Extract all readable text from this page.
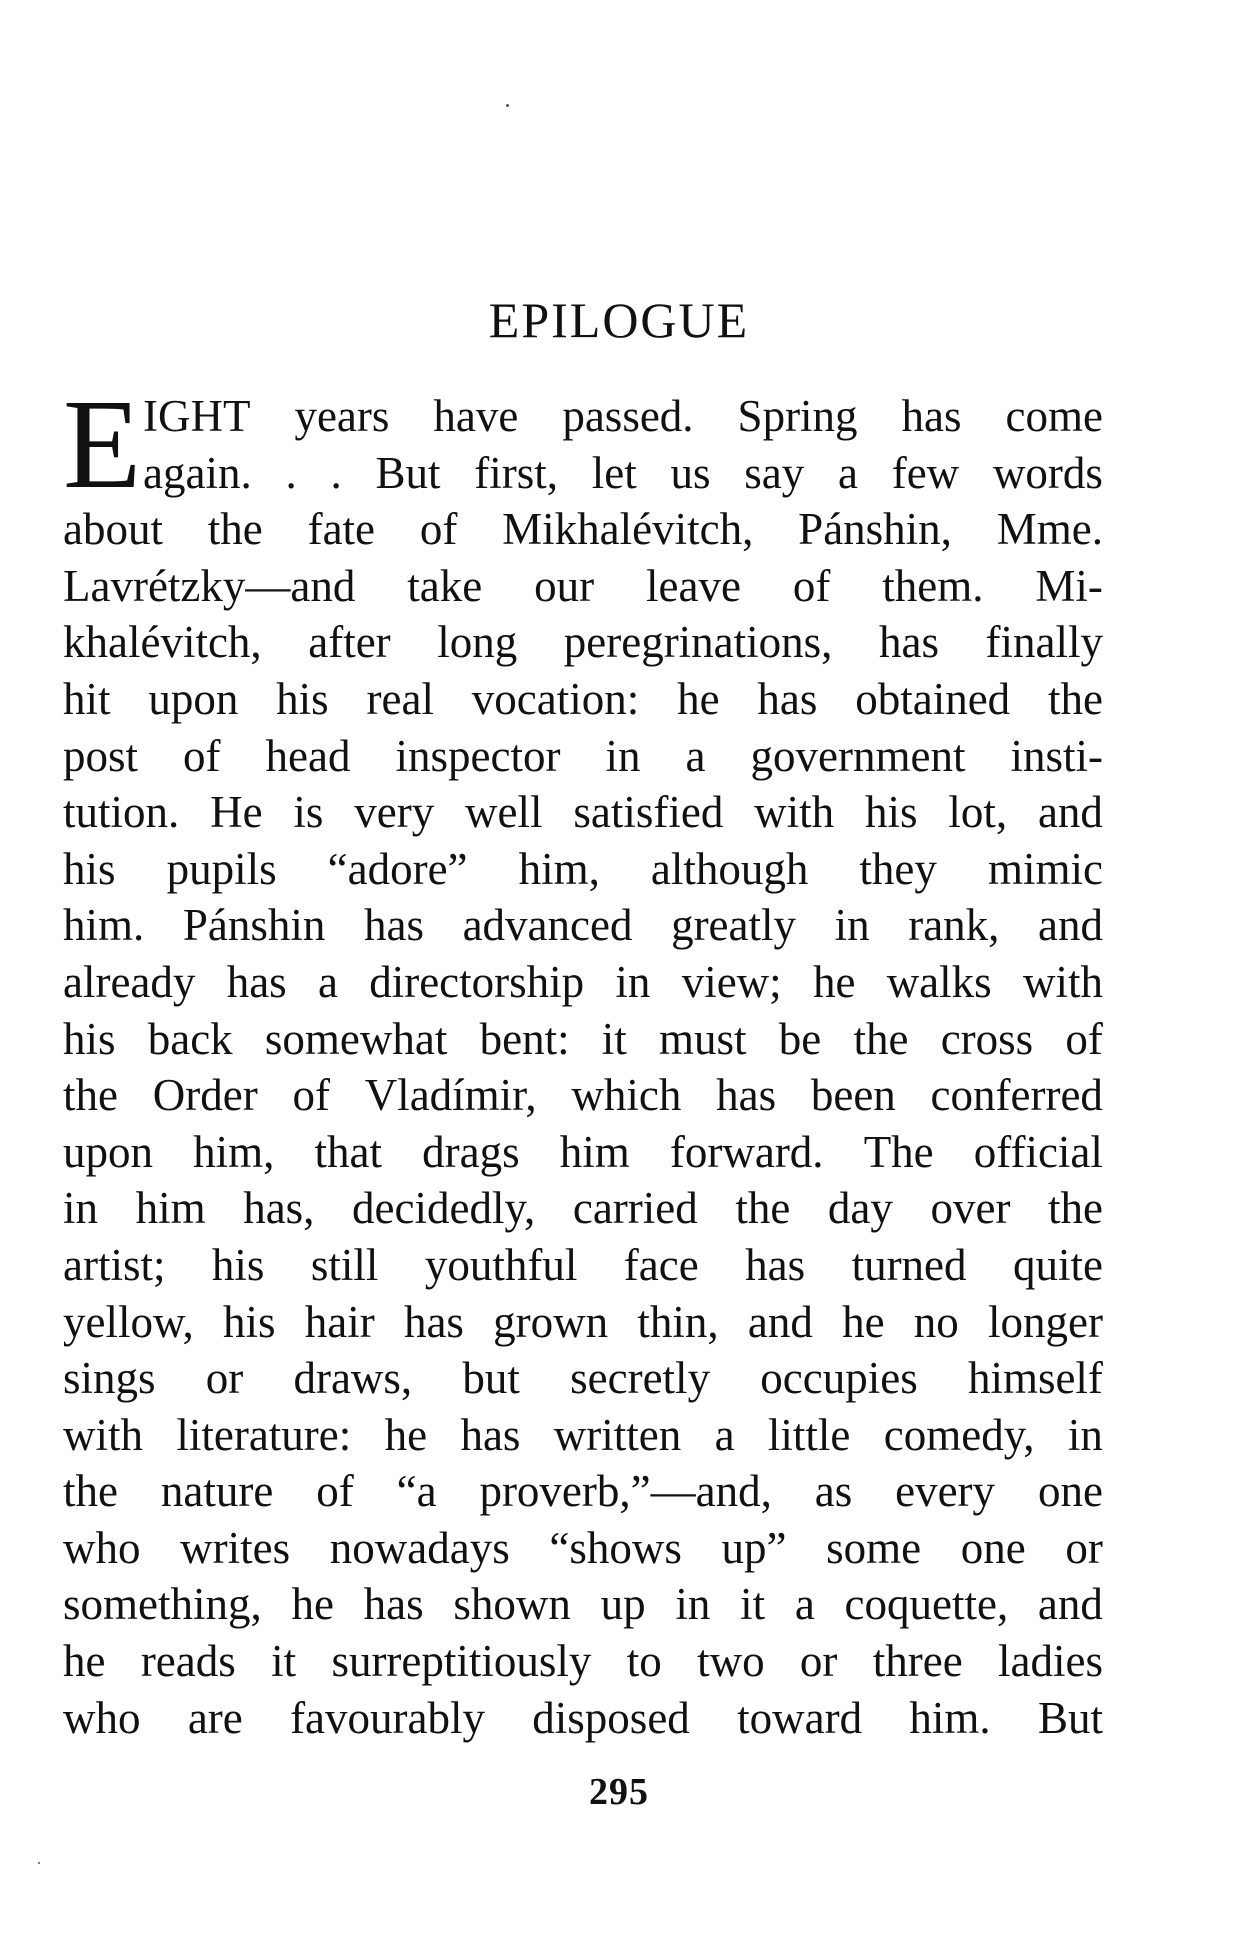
EPILOGUE
E IGHT years have passed. Spring has come
again. . . But first, let us say a few words
about the fate of Mikhalévitch, Pánshin, Mme.
Lavrétzky—and take our leave of them. Mi-
khalévitch, after long peregrinations, has finally
hit upon his real vocation: he has obtained the
post of head inspector in a government insti-
tution. He is very well satisfied with his lot, and
his pupils “adore” him, although they mimic
him. Pánshin has advanced greatly in rank, and
already has a directorship in view; he walks with
his back somewhat bent: it must be the cross of
the Order of Vladímir, which has been conferred
upon him, that drags him forward. The official
in him has, decidedly, carried the day over the
artist; his still youthful face has turned quite
yellow, his hair has grown thin, and he no longer
sings or draws, but secretly occupies himself
with literature: he has written a little comedy, in
the nature of “a proverb,”—and, as every one
who writes nowadays “shows up” some one or
something, he has shown up in it a coquette, and
he reads it surreptitiously to two or three ladies
who are favourably disposed toward him. But
295
